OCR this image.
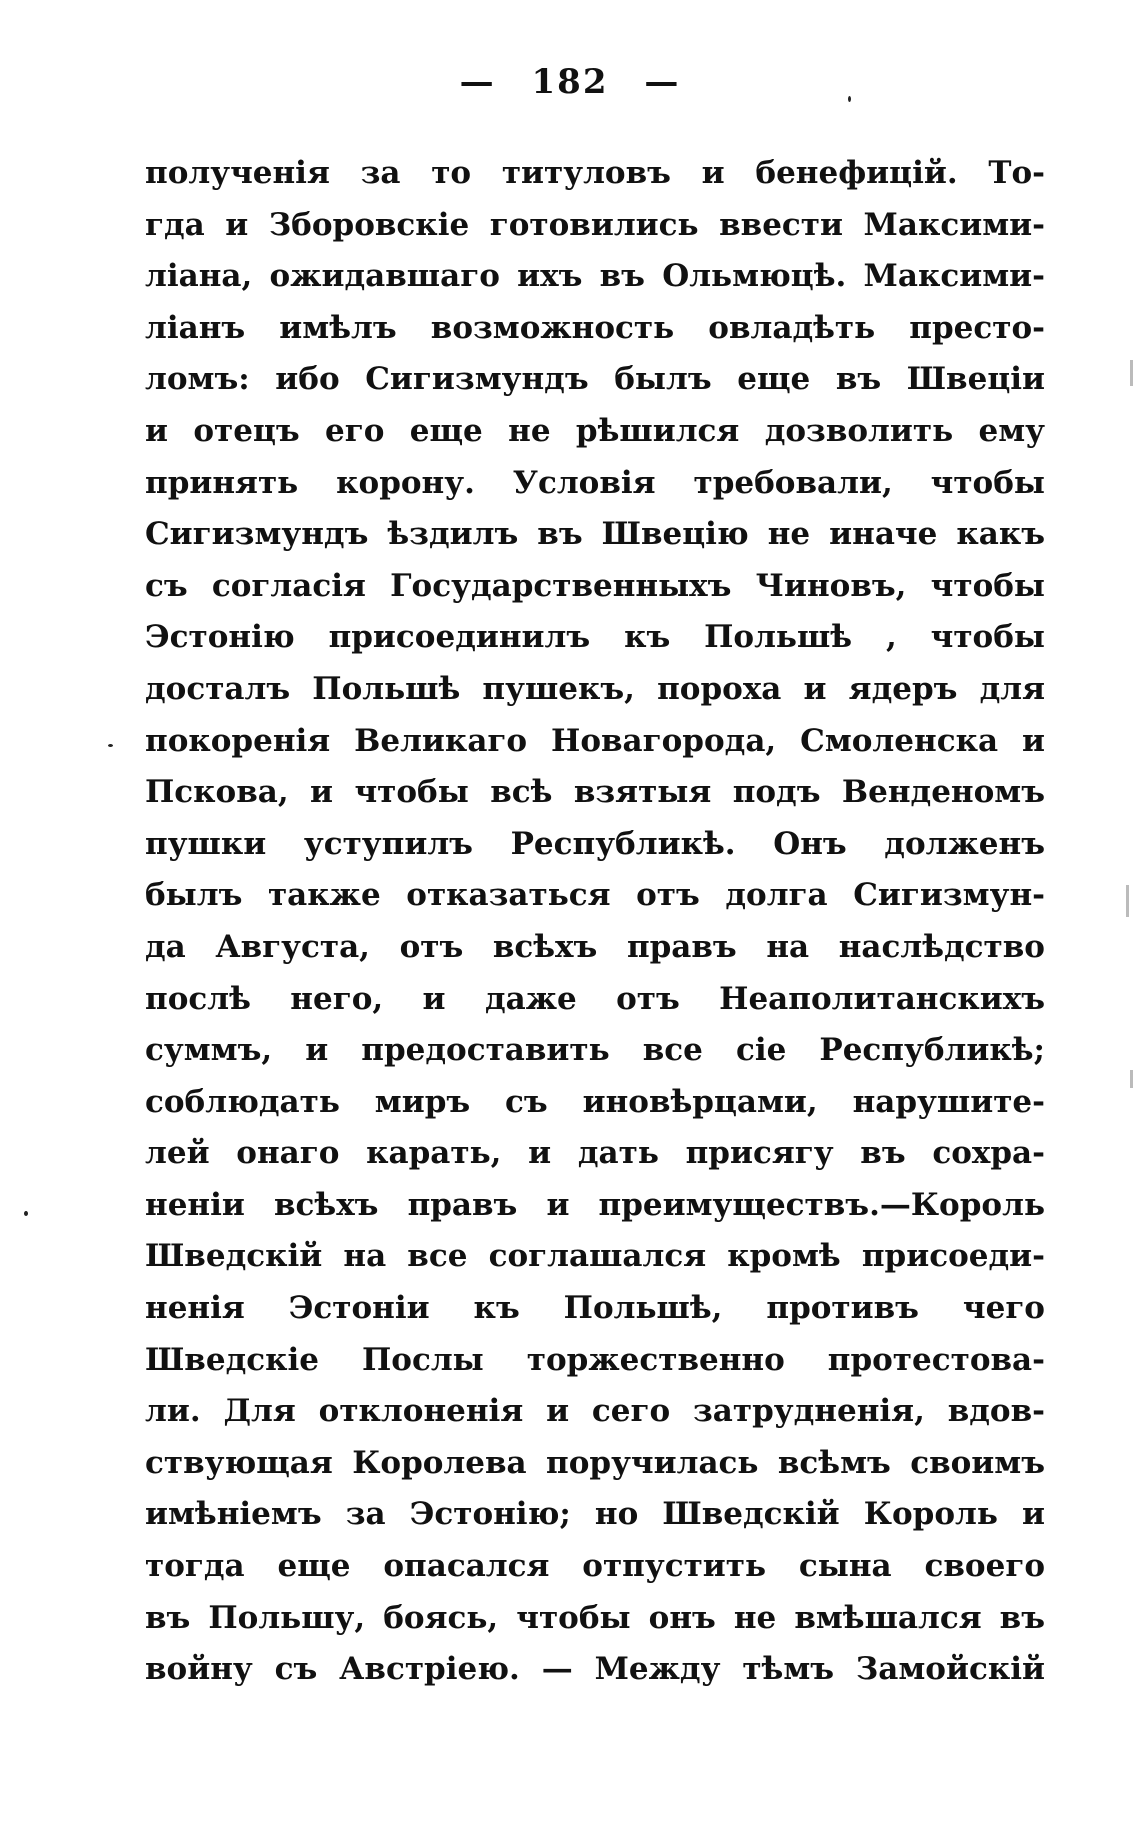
— 182 —
полученія за то титуловъ и бенефицій. То-
гда и Зборовскіе готовились ввести Максими-
ліана, ожидавшаго ихъ въ Ольмюцѣ. Максими-
ліанъ имѣлъ возможность овладѣть престо-
ломъ: ибо Сигизмундъ былъ еще въ Швеціи
и отецъ его еще не рѣшился дозволить ему
принять корону. Условія требовали, чтобы
Сигизмундъ ѣздилъ въ Швецію не иначе какъ
съ согласія Государственныхъ Чиновъ, чтобы
Эстонію присоединилъ къ Польшѣ , чтобы
досталъ Польшѣ пушекъ, пороха и ядеръ для
покоренія Великаго Новагорода, Смоленска и
Пскова, и чтобы всѣ взятыя подъ Венденомъ
пушки уступилъ Республикѣ. Онъ долженъ
былъ также отказаться отъ долга Сигизмун-
да Августа, отъ всѣхъ правъ на наслѣдство
послѣ него, и даже отъ Неаполитанскихъ
суммъ, и предоставить все сіе Республикѣ;
соблюдать миръ съ иновѣрцами, нарушите-
лей онаго карать, и дать присягу въ сохра-
неніи всѣхъ правъ и преимуществъ.—Король
Шведскій на все соглашался кромѣ присоеди-
ненія Эстоніи къ Польшѣ, противъ чего
Шведскіе Послы торжественно протестова-
ли. Для отклоненія и сего затрудненія, вдов-
ствующая Королева поручилась всѣмъ своимъ
имѣніемъ за Эстонію; но Шведскій Король и
тогда еще опасался отпустить сына своего
въ Польшу, боясь, чтобы онъ не вмѣшался въ
войну съ Австріею. — Между тѣмъ Замойскій
